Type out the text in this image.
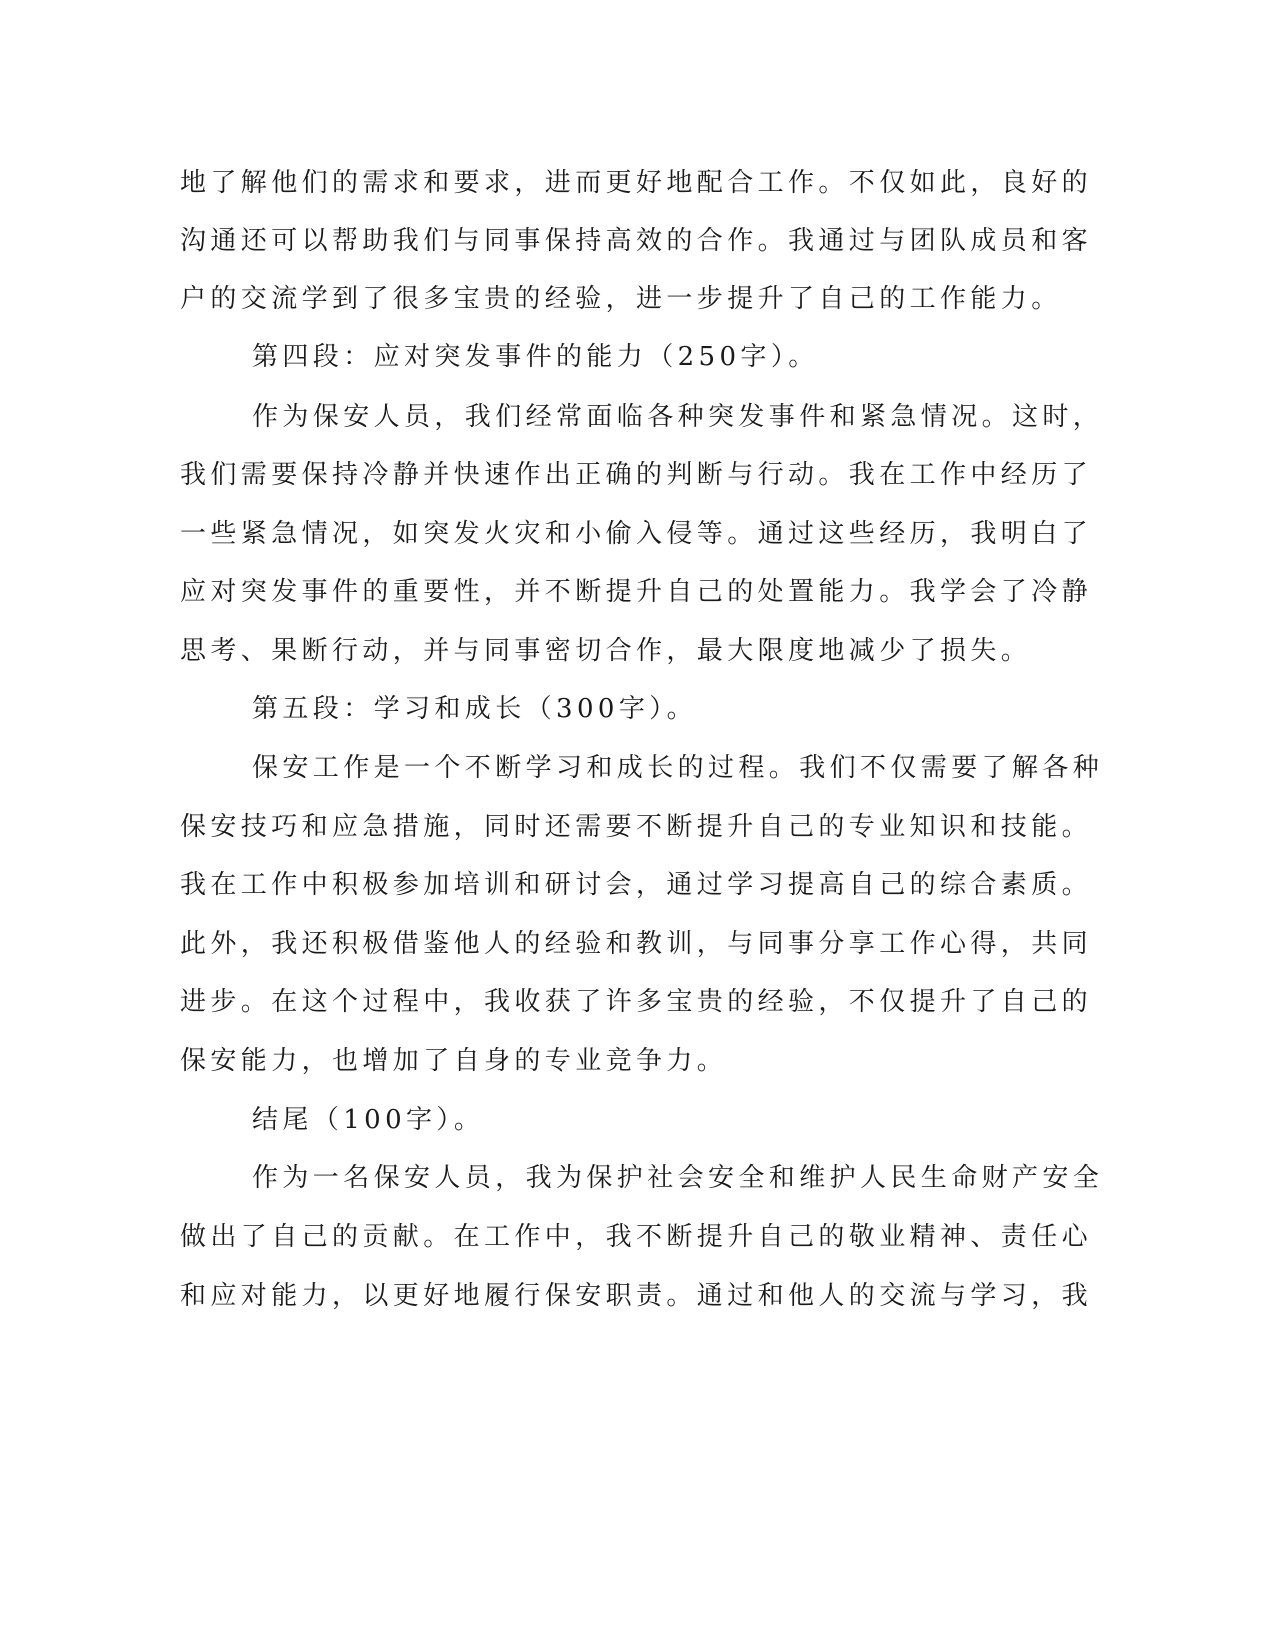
地了解他们的需求和要求，进而更好地配合工作。不仅如此，良好的
沟通还可以帮助我们与同事保持高效的合作。我通过与团队成员和客
户的交流学到了很多宝贵的经验，进一步提升了自己的工作能力。
第四段：应对突发事件的能力（250字）。
作为保安人员，我们经常面临各种突发事件和紧急情况。这时，
我们需要保持冷静并快速作出正确的判断与行动。我在工作中经历了
一些紧急情况，如突发火灾和小偷入侵等。通过这些经历，我明白了
应对突发事件的重要性，并不断提升自己的处置能力。我学会了冷静
思考、果断行动，并与同事密切合作，最大限度地减少了损失。
第五段：学习和成长（300字）。
保安工作是一个不断学习和成长的过程。我们不仅需要了解各种
保安技巧和应急措施，同时还需要不断提升自己的专业知识和技能。
我在工作中积极参加培训和研讨会，通过学习提高自己的综合素质。
此外，我还积极借鉴他人的经验和教训，与同事分享工作心得，共同
进步。在这个过程中，我收获了许多宝贵的经验，不仅提升了自己的
保安能力，也增加了自身的专业竞争力。
结尾（100字）。
作为一名保安人员，我为保护社会安全和维护人民生命财产安全
做出了自己的贡献。在工作中，我不断提升自己的敬业精神、责任心
和应对能力，以更好地履行保安职责。通过和他人的交流与学习，我
